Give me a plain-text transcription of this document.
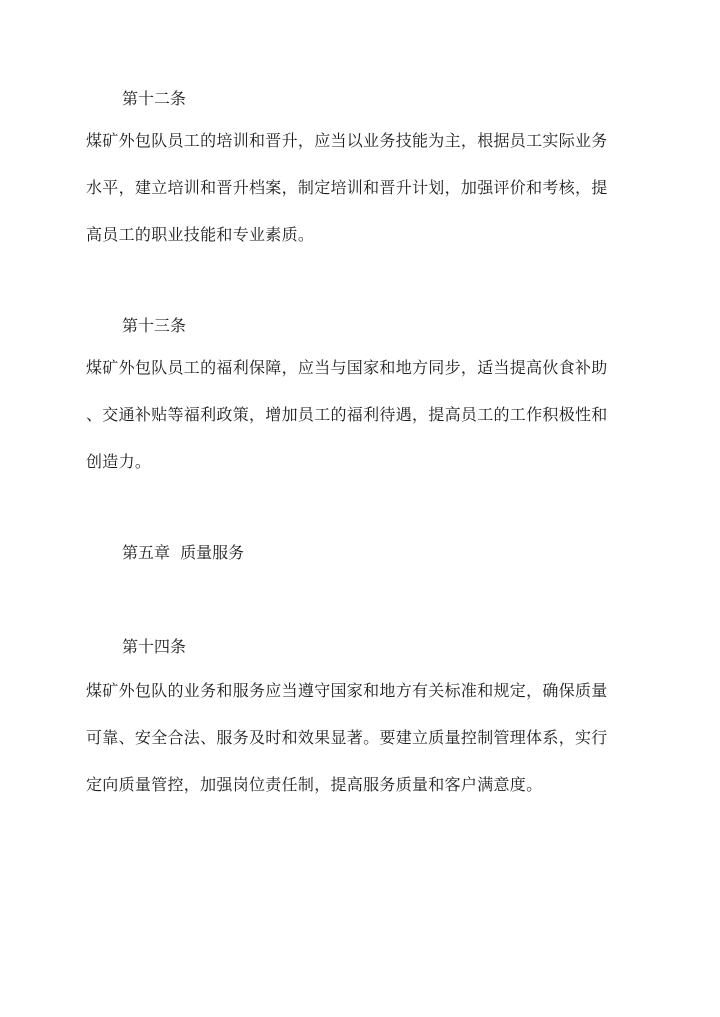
第十二条
煤矿外包队员工的培训和晋升，应当以业务技能为主，根据员工实际业务
水平，建立培训和晋升档案，制定培训和晋升计划，加强评价和考核，提
高员工的职业技能和专业素质。
第十三条
煤矿外包队员工的福利保障，应当与国家和地方同步，适当提高伙食补助
、交通补贴等福利政策，增加员工的福利待遇，提高员工的工作积极性和
创造力。
第五章  质量服务
第十四条
煤矿外包队的业务和服务应当遵守国家和地方有关标准和规定，确保质量
可靠、安全合法、服务及时和效果显著。要建立质量控制管理体系，实行
定向质量管控，加强岗位责任制，提高服务质量和客户满意度。
